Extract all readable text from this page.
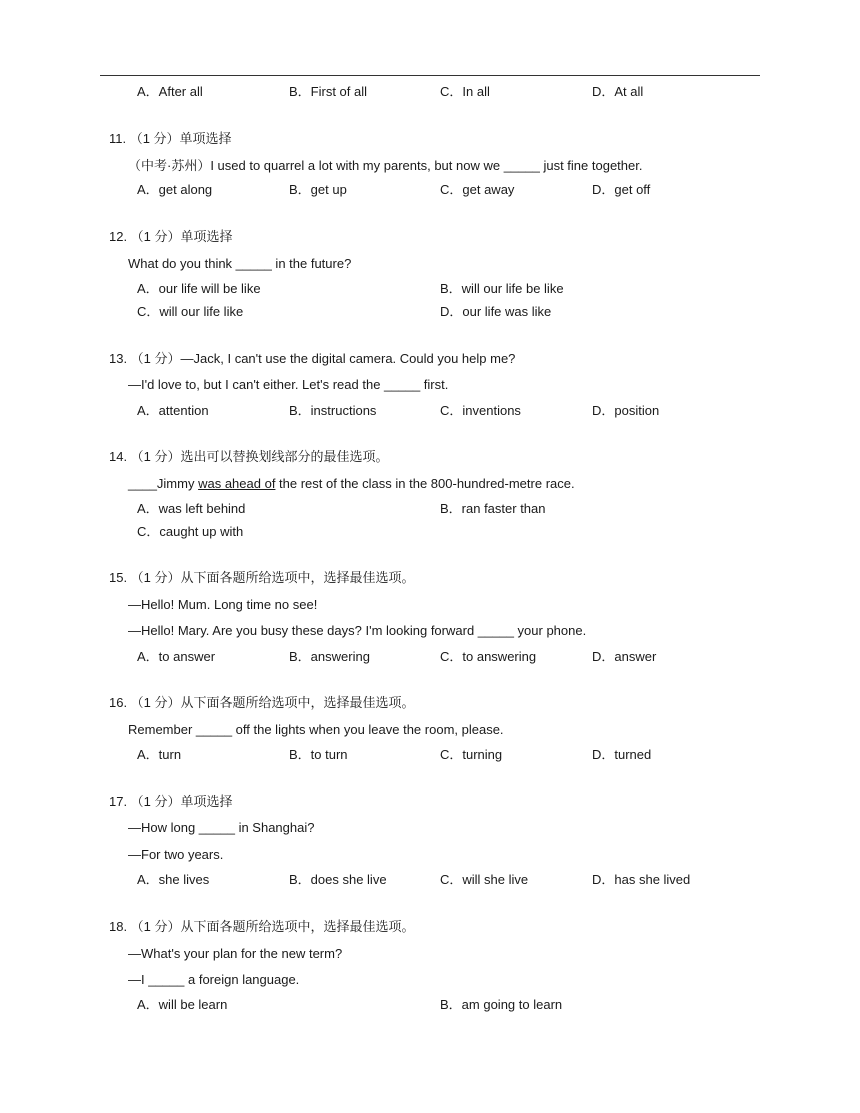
A．After all	B．First of all	C．In all	D．At all
11. （1 分）单项选择
（中考·苏州）I used to quarrel a lot with my parents, but now we _____ just fine together.
A．get along	B．get up	C．get away	D．get off
12. （1 分）单项选择
What do you think _____ in the future?
A．our life will be like	B．will our life be like
C．will our life like	D．our life was like
13. （1 分）—Jack, I can't use the digital camera. Could you help me?
—I'd love to, but I can't either. Let's read the _____ first.
A．attention	B．instructions	C．inventions	D．position
14. （1 分）选出可以替换划线部分的最佳选项。
____Jimmy was ahead of the rest of the class in the 800-hundred-metre race.
A．was left behind	B．ran faster than
C．caught up with
15. （1 分）从下面各题所给选项中，选择最佳选项。
—Hello! Mum. Long time no see!
—Hello! Mary. Are you busy these days? I'm looking forward _____ your phone.
A．to answer	B．answering	C．to answering	D．answer
16. （1 分）从下面各题所给选项中，选择最佳选项。
Remember _____ off the lights when you leave the room, please.
A．turn	B．to turn	C．turning	D．turned
17. （1 分）单项选择
—How long _____ in Shanghai?
—For two years.
A．she lives	B．does she live	C．will she live	D．has she lived
18. （1 分）从下面各题所给选项中，选择最佳选项。
—What's your plan for the new term?
—I _____ a foreign language.
A．will be learn	B．am going to learn
